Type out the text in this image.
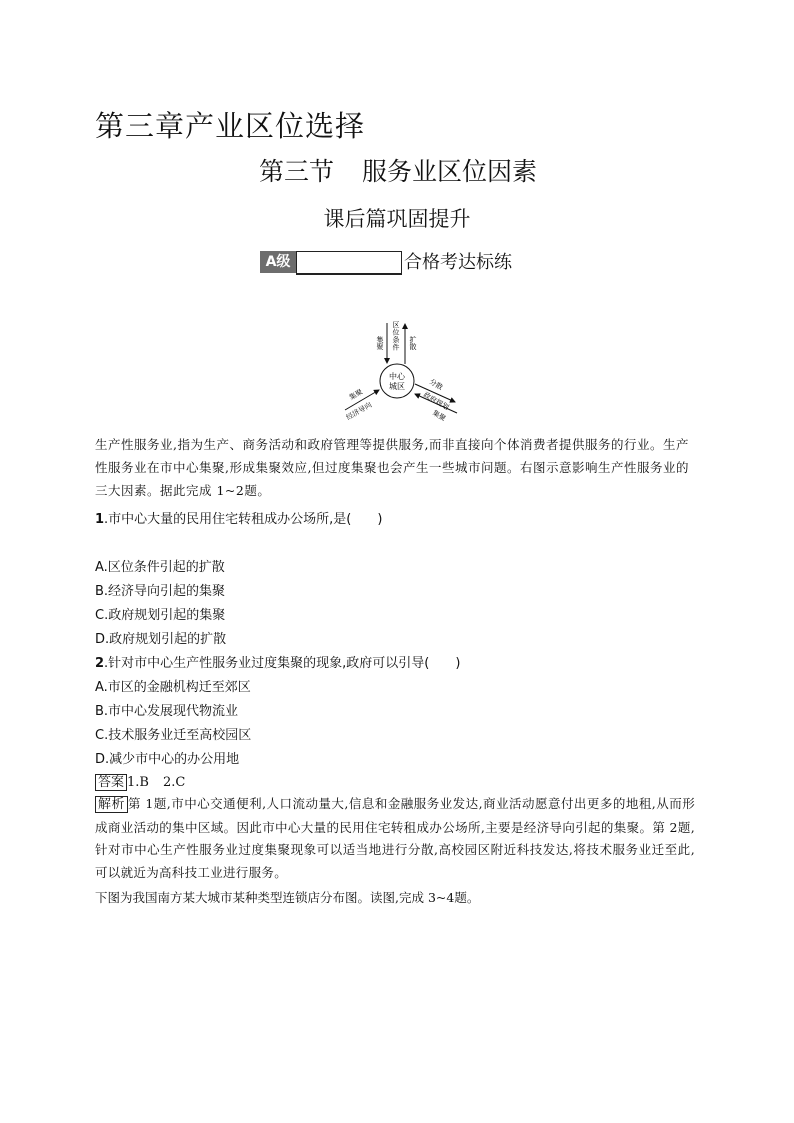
第三章产业区位选择
第三节 服务业区位因素
课后篇巩固提升
A级	合格考达标练
中心
城区
区位条件
集聚	扩散
集聚
经济导向
分散
政府规划
集聚
生产性服务业,指为生产、商务活动和政府管理等提供服务,而非直接向个体消费者提供服务的行业。生产性服务业在市中心集聚,形成集聚效应,但过度集聚也会产生一些城市问题。右图示意影响生产性服务业的三大因素。据此完成 1~2题。
1.市中心大量的民用住宅转租成办公场所,是(　　)
A.区位条件引起的扩散
B.经济导向引起的集聚
C.政府规划引起的集聚
D.政府规划引起的扩散
2.针对市中心生产性服务业过度集聚的现象,政府可以引导(　　)
A.市区的金融机构迁至郊区
B.市中心发展现代物流业
C.技术服务业迁至高校园区
D.减少市中心的办公用地
答案 1.B 2.C
解析 第 1题,市中心交通便利,人口流动量大,信息和金融服务业发达,商业活动愿意付出更多的地租,从而形成商业活动的集中区域。因此市中心大量的民用住宅转租成办公场所,主要是经济导向引起的集聚。第 2题,针对市中心生产性服务业过度集聚现象可以适当地进行分散,高校园区附近科技发达,将技术服务业迁至此,可以就近为高科技工业进行服务。
下图为我国南方某大城市某种类型连锁店分布图。读图,完成 3~4题。
